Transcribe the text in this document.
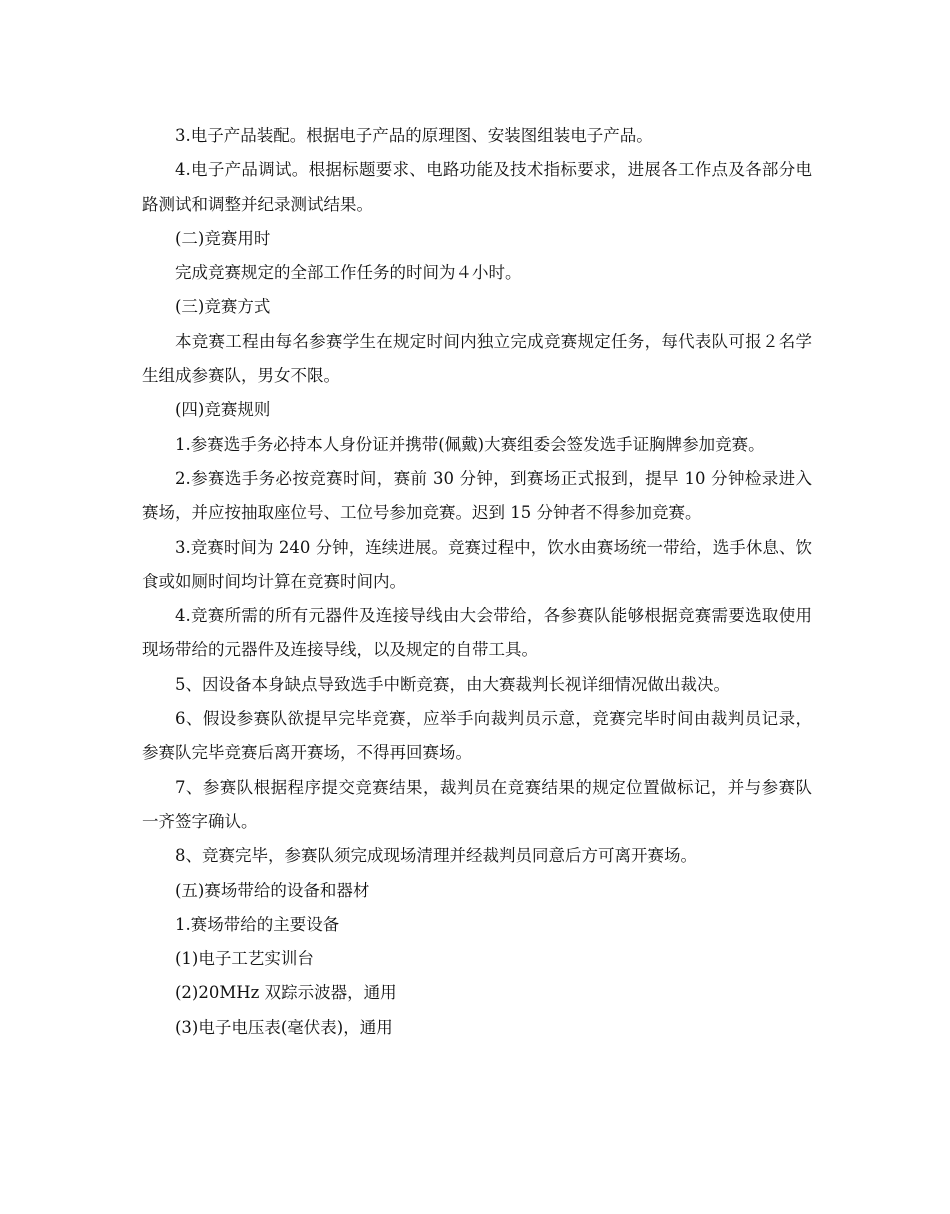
3.电子产品装配。根据电子产品的原理图、安装图组装电子产品。

4.电子产品调试。根据标题要求、电路功能及技术指标要求，进展各工作点及各部分电路测试和调整并纪录测试结果。

(二)竞赛用时

完成竞赛规定的全部工作任务的时间为４小时。

(三)竞赛方式

本竞赛工程由每名参赛学生在规定时间内独立完成竞赛规定任务，每代表队可报２名学生组成参赛队，男女不限。

(四)竞赛规则

1.参赛选手务必持本人身份证并携带(佩戴)大赛组委会签发选手证胸牌参加竞赛。

2.参赛选手务必按竞赛时间，赛前 30 分钟，到赛场正式报到，提早 10 分钟检录进入赛场，并应按抽取座位号、工位号参加竞赛。迟到 15 分钟者不得参加竞赛。

3.竞赛时间为 240 分钟，连续进展。竞赛过程中，饮水由赛场统一带给，选手休息、饮食或如厕时间均计算在竞赛时间内。

4.竞赛所需的所有元器件及连接导线由大会带给，各参赛队能够根据竞赛需要选取使用现场带给的元器件及连接导线，以及规定的自带工具。

5、因设备本身缺点导致选手中断竞赛，由大赛裁判长视详细情况做出裁决。

6、假设参赛队欲提早完毕竞赛，应举手向裁判员示意，竞赛完毕时间由裁判员记录，参赛队完毕竞赛后离开赛场，不得再回赛场。

7、参赛队根据程序提交竞赛结果，裁判员在竞赛结果的规定位置做标记，并与参赛队一齐签字确认。

8、竞赛完毕，参赛队须完成现场清理并经裁判员同意后方可离开赛场。

(五)赛场带给的设备和器材

1.赛场带给的主要设备

(1)电子工艺实训台

(2)20MHz 双踪示波器，通用

(3)电子电压表(毫伏表)，通用
